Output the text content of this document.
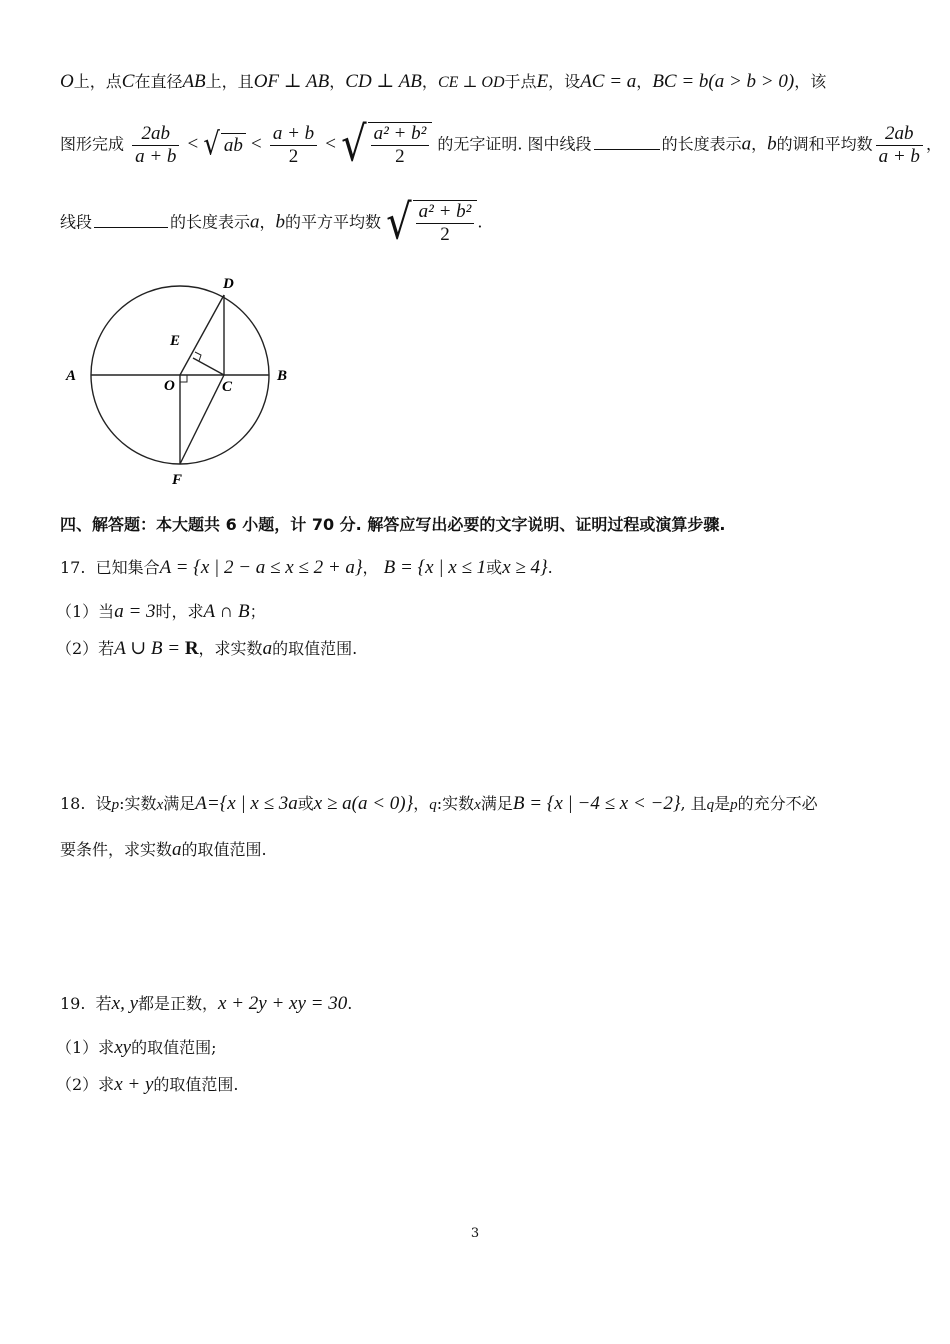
O上，点C在直径AB上，且OF ⊥ AB，CD ⊥ AB，CE ⊥ OD于点E，设AC = a，BC = b(a > b > 0)，该
图形完成 $\frac{2ab}{a + b}$ < √ ab < $\frac{a + b}{2}$ < √ $\frac{\text{a² + b²}}{2}$ 的无字证明. 图中线段	的长度表示a，b的调和平均数 $\frac{2ab}{a + b}$ ，
线段	的长度表示a，b的平方平均数 √ $\frac{\text{a² + b²}}{2}$ .
A	B
O	C
D
E
F
四、解答题：本大题共 6 小题，计 70 分. 解答应写出必要的文字说明、证明过程或演算步骤.
17. 已知集合A = {x | 2 − a ≤ x ≤ 2 + a}， B = {x | x ≤ 1或x ≥ 4}.
（1）当a = 3时，求A ∩ B；
（2）若A ∪ B = R，求实数a的取值范围.
18. 设p:实数x满足A={x | x ≤ 3a或x ≥ a(a < 0)}，q:实数x满足B = {x | −4 ≤ x < −2}, 且q是p的充分不必
要条件，求实数a的取值范围.
19. 若x, y都是正数，x + 2y + xy = 30.
（1）求xy的取值范围;
（2）求x + y的取值范围.
3
